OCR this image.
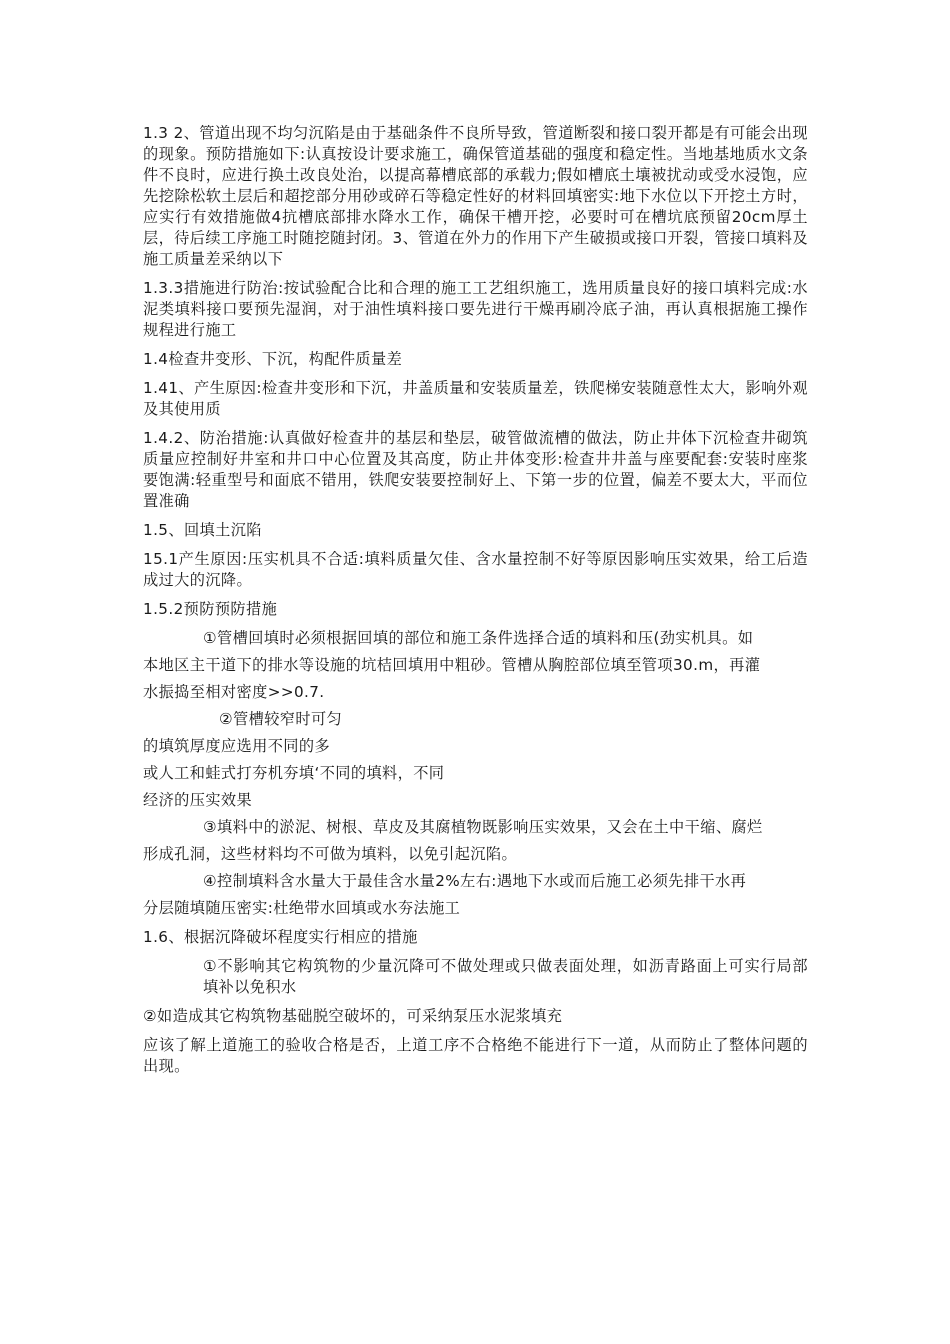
1.3 2、管道出现不均匀沉陷是由于基础条件不良所导致，管道断裂和接口裂开都是有可能会出现的现象。预防措施如下:认真按设计要求施工，确保管道基础的强度和稳定性。当地基地质水文条件不良时，应进行换土改良处治，以提高幕槽底部的承载力;假如槽底土壤被扰动或受水浸饱，应先挖除松软土层后和超挖部分用砂或碎石等稳定性好的材料回填密实:地下水位以下开挖土方时，应实行有效措施做4抗槽底部排水降水工作，确保干槽开挖，必要时可在槽坑底预留20cm厚土层，待后续工序施工时随挖随封闭。3、管道在外力的作用下产生破损或接口开裂，管接口填料及施工质量差采纳以下

1.3.3措施进行防治:按试验配合比和合理的施工工艺组织施工，选用质量良好的接口填料完成:水泥类填料接口要预先湿润，对于油性填料接口要先进行干燥再刷冷底子油，再认真根据施工操作规程进行施工

1.4检查井变形、下沉，构配件质量差

1.41、产生原因:检查井变形和下沉，井盖质量和安装质量差，铁爬梯安装随意性太大，影响外观及其使用质

1.4.2、防治措施:认真做好检查井的基层和垫层，破管做流槽的做法，防止井体下沉检查井砌筑质量应控制好井室和井口中心位置及其高度，防止井体变形:检查井井盖与座要配套:安装时座浆要饱满:轻重型号和面底不错用，铁爬安装要控制好上、下第一步的位置，偏差不要太大，平而位置准确

1.5、回填土沉陷

15.1产生原因:压实机具不合适:填料质量欠佳、含水量控制不好等原因影响压实效果，给工后造成过大的沉降。

1.5.2预防预防措施

①管槽回填时必须根据回填的部位和施工条件选择合适的填料和压(劲实机具。如

本地区主干道下的排水等设施的坑桔回填用中粗砂。管槽从胸腔部位填至管项30.m，再灌

水振捣至相对密度>>0.7.

②管槽较窄时可匀

的填筑厚度应选用不同的多

或人工和蛙式打夯机夯填‘不同的填料，不同

经济的压实效果

③填料中的淤泥、树根、草皮及其腐植物既影响压实效果，又会在土中干缩、腐烂

形成孔洞，这些材料均不可做为填料，以免引起沉陷。

④控制填料含水量大于最佳含水量2%左右:遇地下水或而后施工必须先排干水再

分层随填随压密实:杜绝带水回填或水夯法施工

1.6、根据沉降破坏程度实行相应的措施

①不影响其它构筑物的少量沉降可不做处理或只做表面处理，如沥青路面上可实行局部填补以免积水

②如造成其它构筑物基础脱空破坏的，可采纳泵压水泥浆填充

应该了解上道施工的验收合格是否，上道工序不合格绝不能进行下一道，从而防止了整体问题的出现。
